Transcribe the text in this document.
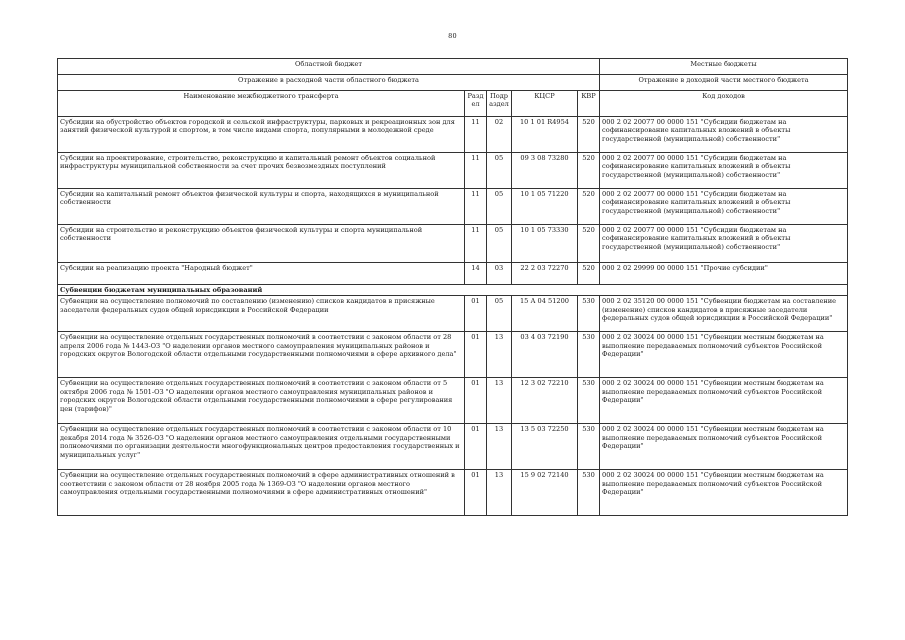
80
Областной бюджет					Местные бюджеты
Отражение в расходной части областного бюджета					Отражение в доходной части местного бюджета
Наименование межбюджетного трансферта	Разд ел	Подр аздел	КЦСР	КВР	Код доходов
Субсидии на обустройство объектов городской и сельской инфраструктуры, парковых и рекреационных зон для занятий физической культурой и спортом, в том числе видами спорта, популярными в молодежной среде	11	02	10 1 01 R4954	520	000 2 02 20077 00 0000 151 "Субсидии бюджетам на софинансирование капитальных вложений в объекты государственной (муниципальной) собственности"
Субсидии на проектирование, строительство, реконструкцию и капитальный ремонт объектов социальной инфраструктуры муниципальной собственности за счет прочих безвозмездных поступлений	11	05	09 3 08 73280	520	000 2 02 20077 00 0000 151 "Субсидии бюджетам на софинансирование капитальных вложений в объекты государственной (муниципальной) собственности"
Субсидии на капитальный ремонт объектов физической культуры и спорта, находящихся в муниципальной собственности	11	05	10 1 05 71220	520	000 2 02 20077 00 0000 151 "Субсидии бюджетам на софинансирование капитальных вложений в объекты государственной (муниципальной) собственности"
Субсидии на строительство и реконструкцию объектов физической культуры и спорта муниципальной собственности	11	05	10 1 05 73330	520	000 2 02 20077 00 0000 151 "Субсидии бюджетам на софинансирование капитальных вложений в объекты государственной (муниципальной) собственности"
Субсидии на реализацию проекта "Народный бюджет"	14	03	22 2 03 72270	520	000 2 02 29999 00 0000 151 "Прочие субсидии"
Субвенции бюджетам муниципальных образований					
Субвенции на осуществление полномочий по составлению (изменению) списков кандидатов в присяжные заседатели федеральных судов общей юрисдикции в Российской Федерации	01	05	15 А 04 51200	530	000 2 02 35120 00 0000 151 "Субвенции бюджетам на составление (изменение) списков кандидатов в присяжные заседатели федеральных судов общей юрисдикции в Российской Федерации"
Субвенции на осуществление отдельных государственных полномочий в соответствии с законом области от 28 апреля 2006 года № 1443-ОЗ "О наделении органов местного самоуправления муниципальных районов и городских округов Вологодской области отдельными государственными полномочиями в сфере архивного дела"	01	13	03 4 03 72190	530	000 2 02 30024 00 0000 151 "Субвенции местным бюджетам на выполнение передаваемых полномочий субъектов Российской Федерации"
Субвенции на осуществление отдельных государственных полномочий в соответствии с законом области от 5 октября 2006 года № 1501-ОЗ "О наделении органов местного самоуправления муниципальных районов и городских округов Вологодской области отдельными государственными полномочиями в сфере регулирования цен (тарифов)"	01	13	12 3 02 72210	530	000 2 02 30024 00 0000 151 "Субвенции местным бюджетам на выполнение передаваемых полномочий субъектов Российской Федерации"
Субвенции на осуществление отдельных государственных полномочий в соответствии с законом области от 10 декабря 2014 года № 3526-ОЗ "О наделении органов местного самоуправления отдельными государственными полномочиями по организации деятельности многофункциональных центров предоставления государственных и муниципальных услуг"	01	13	13 5 03 72250	530	000 2 02 30024 00 0000 151 "Субвенции местным бюджетам на выполнение передаваемых полномочий субъектов Российской Федерации"
Субвенции на осуществление отдельных государственных полномочий в сфере административных отношений в соответствии с законом области от 28 ноября 2005 года № 1369-ОЗ "О наделении органов местного самоуправления отдельными государственными полномочиями в сфере административных отношений"	01	13	15 9 02 72140	530	000 2 02 30024 00 0000 151 "Субвенции местным бюджетам на выполнение передаваемых полномочий субъектов Российской Федерации"
